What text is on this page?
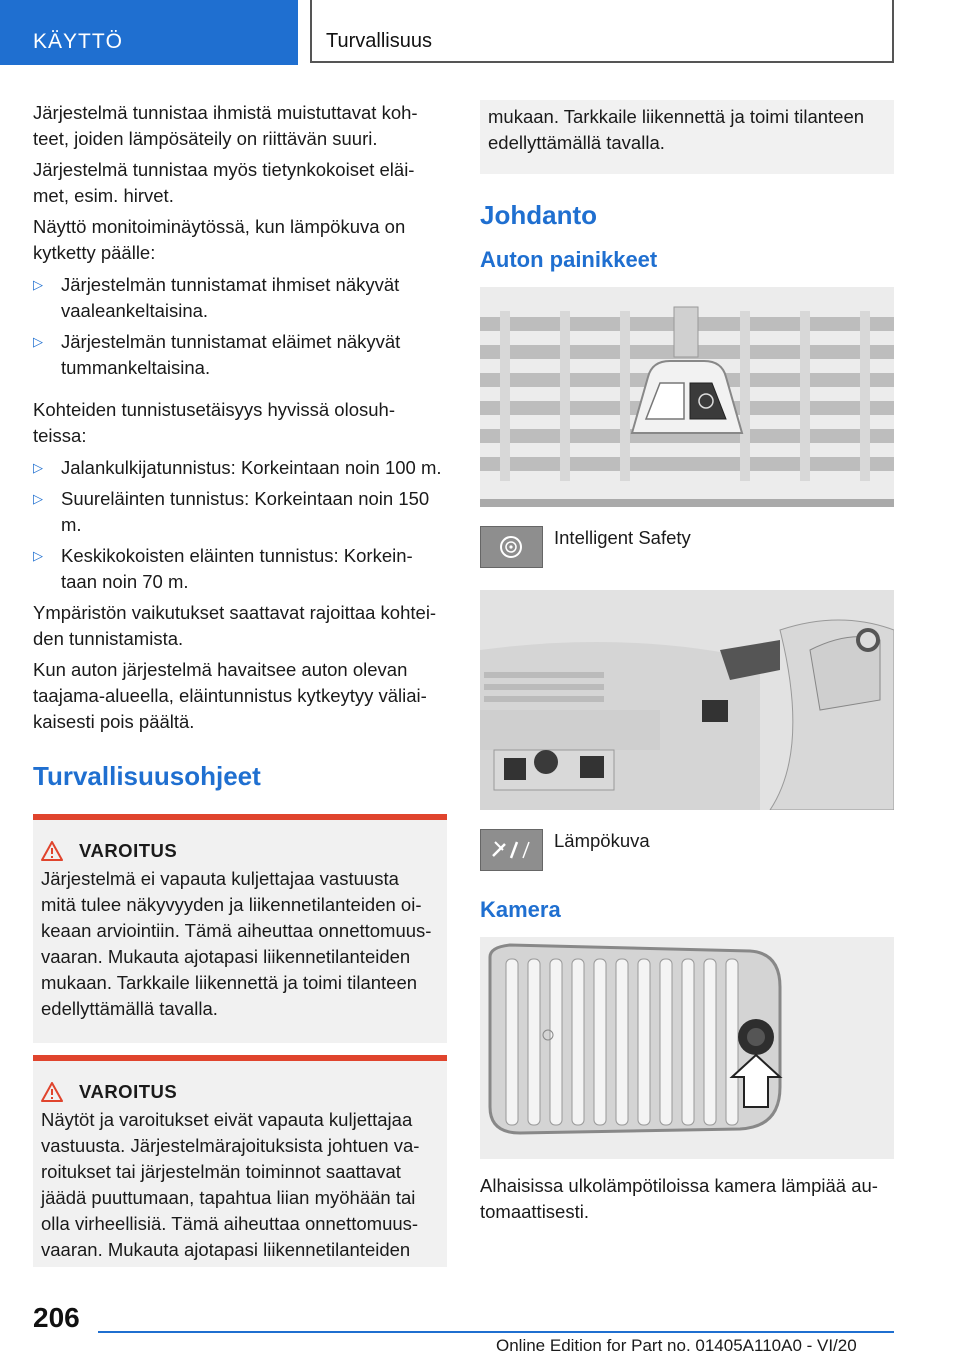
KÄYTTÖ	Turvallisuus

Järjestelmä tunnistaa ihmistä muistuttavat koh-teet, joiden lämpösäteily on riittävän suuri.

Järjestelmä tunnistaa myös tietynkokoiset eläi-met, esim. hirvet.

Näyttö monitoiminäytössä, kun lämpökuva on kytketty päälle:

▷ Järjestelmän tunnistamat ihmiset näkyvät vaaleankeltaisina.
▷ Järjestelmän tunnistamat eläimet näkyvät tummankeltaisina.

Kohteiden tunnistusetäisyys hyvissä olosuh-teissa:

▷ Jalankulkijatunnistus: Korkeintaan noin 100 m.
▷ Suureläinten tunnistus: Korkeintaan noin 150 m.
▷ Keskikokoisten eläinten tunnistus: Korkein-taan noin 70 m.

Ympäristön vaikutukset saattavat rajoittaa kohtei-den tunnistamista.

Kun auton järjestelmä havaitsee auton olevan taajama-alueella, eläintunnistus kytkeytyy väliai-kaisesti pois päältä.

Turvallisuusohjeet
VAROITUS

Järjestelmä ei vapauta kuljettajaa vastuusta mitä tulee näkyvyyden ja liikennetilanteiden oi-keaan arviointiin. Tämä aiheuttaa onnettomuus-vaaran. Mukauta ajotapasi liikennetilanteiden mukaan. Tarkkaile liikennettä ja toimi tilanteen edellyttämällä tavalla.

VAROITUS

Näytöt ja varoitukset eivät vapauta kuljettajaa vastuusta. Järjestelmärajoituksista johtuen va-roitukset tai järjestelmän toiminnot saattavat jäädä puuttumaan, tapahtua liian myöhään tai olla virheellisiä. Tämä aiheuttaa onnettomuus-vaaran. Mukauta ajotapasi liikennetilanteiden

mukaan. Tarkkaile liikennettä ja toimi tilanteen edellyttämällä tavalla.
Johdanto
Auton painikkeet
Intelligent Safety
Lämpökuva
Kamera

Alhaisissa ulkolämpötiloissa kamera lämpiää au-tomaattisesti.

206
Online Edition for Part no. 01405A110A0 - VI/20
